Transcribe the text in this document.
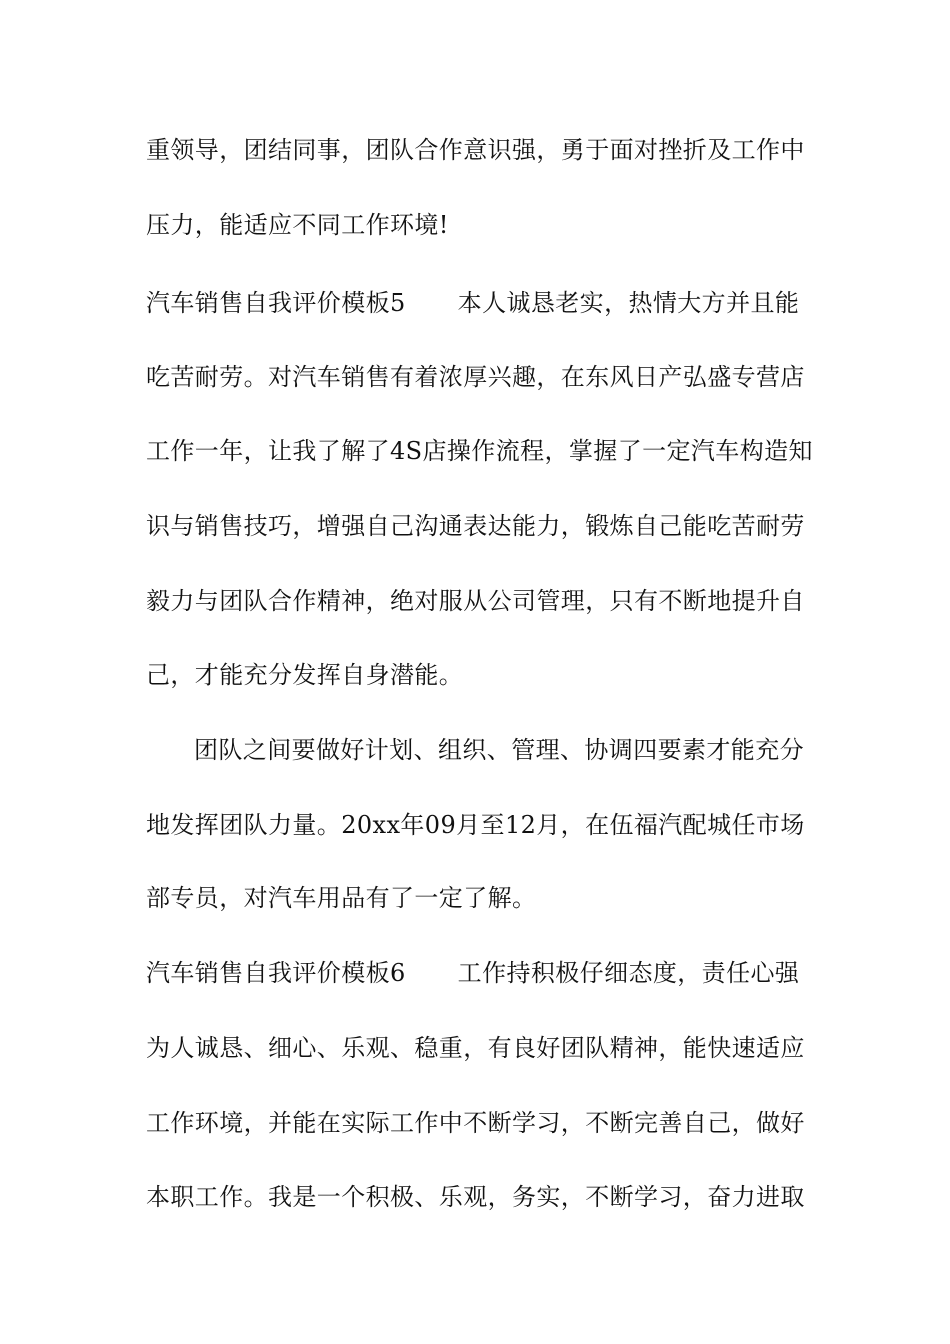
重领导，团结同事，团队合作意识强，勇于面对挫折及工作中
压力，能适应不同工作环境!
汽车销售自我评价模板5 本人诚恳老实，热情大方并且能
吃苦耐劳。对汽车销售有着浓厚兴趣，在东风日产弘盛专营店
工作一年，让我了解了4S店操作流程，掌握了一定汽车构造知
识与销售技巧，增强自己沟通表达能力，锻炼自己能吃苦耐劳
毅力与团队合作精神，绝对服从公司管理，只有不断地提升自
己，才能充分发挥自身潜能。
团队之间要做好计划、组织、管理、协调四要素才能充分
地发挥团队力量。20xx年09月至12月，在伍福汽配城任市场
部专员，对汽车用品有了一定了解。
汽车销售自我评价模板6 工作持积极仔细态度，责任心强
为人诚恳、细心、乐观、稳重，有良好团队精神，能快速适应
工作环境，并能在实际工作中不断学习，不断完善自己，做好
本职工作。我是一个积极、乐观，务实，不断学习，奋力进取
